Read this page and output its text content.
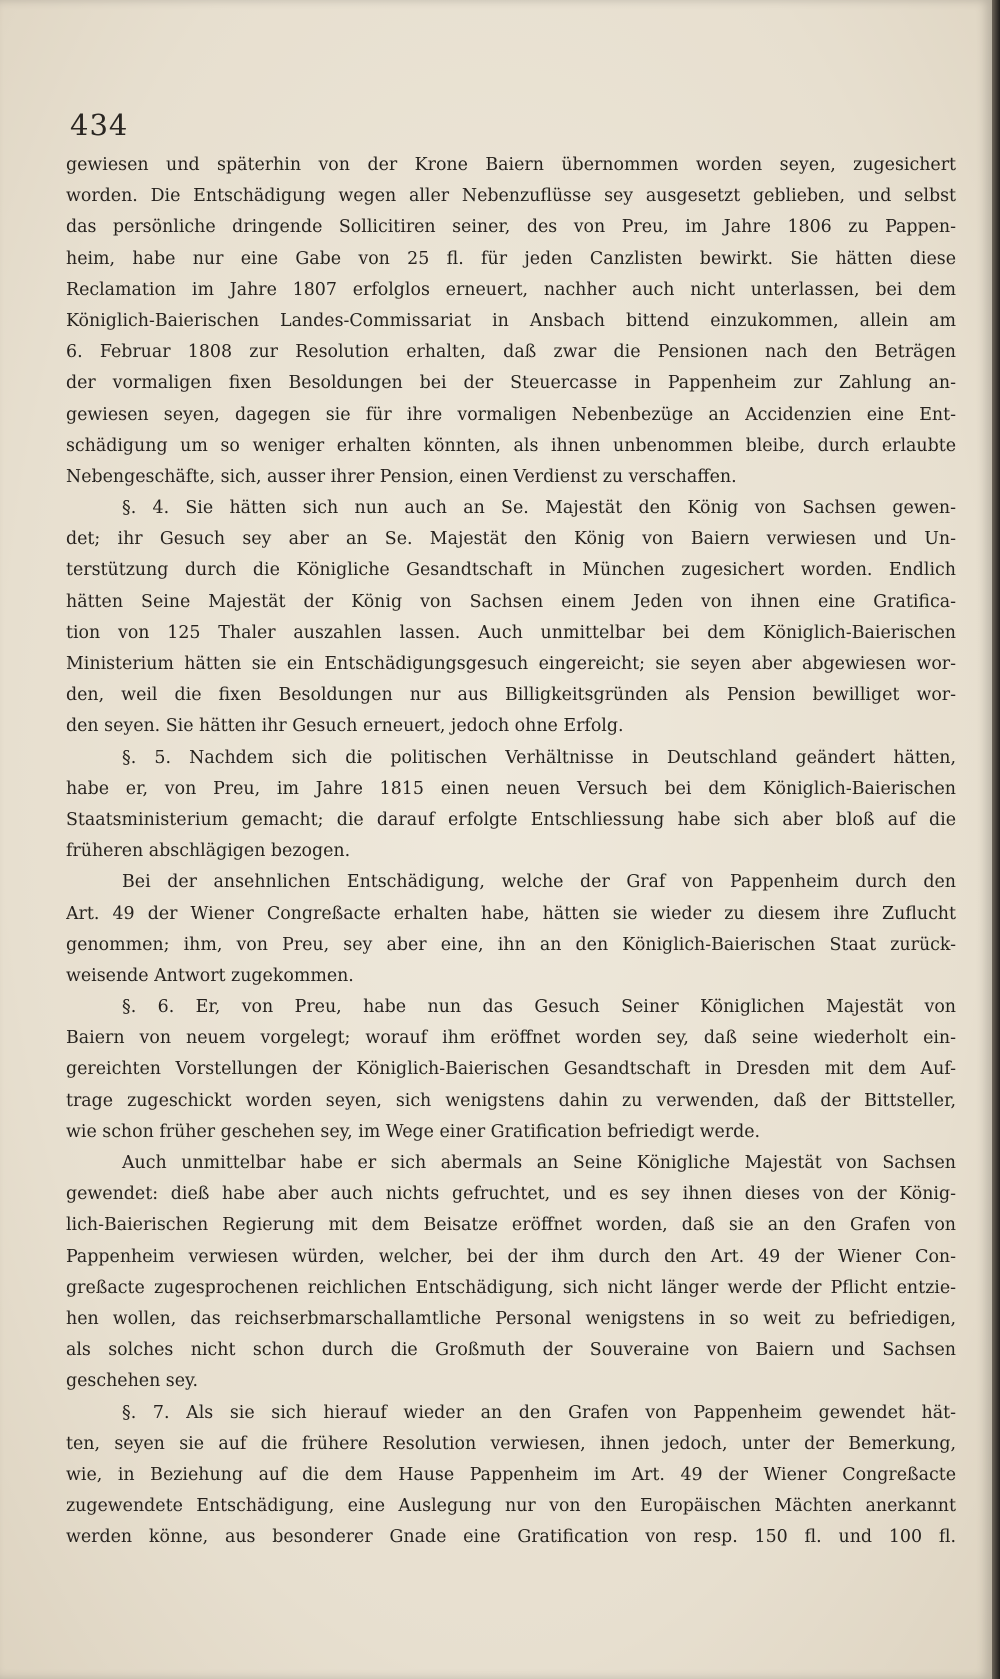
434
gewiesen und späterhin von der Krone Baiern übernommen worden seyen, zugesichert
worden. Die Entschädigung wegen aller Nebenzuflüsse sey ausgesetzt geblieben, und selbst
das persönliche dringende Sollicitiren seiner, des von Preu, im Jahre 1806 zu Pappen-
heim, habe nur eine Gabe von 25 fl. für jeden Canzlisten bewirkt. Sie hätten diese
Reclamation im Jahre 1807 erfolglos erneuert, nachher auch nicht unterlassen, bei dem
Königlich-Baierischen Landes-Commissariat in Ansbach bittend einzukommen, allein am
6. Februar 1808 zur Resolution erhalten, daß zwar die Pensionen nach den Beträgen
der vormaligen fixen Besoldungen bei der Steuercasse in Pappenheim zur Zahlung an-
gewiesen seyen, dagegen sie für ihre vormaligen Nebenbezüge an Accidenzien eine Ent-
schädigung um so weniger erhalten könnten, als ihnen unbenommen bleibe, durch erlaubte
Nebengeschäfte, sich, ausser ihrer Pension, einen Verdienst zu verschaffen.
§. 4. Sie hätten sich nun auch an Se. Majestät den König von Sachsen gewen-
det; ihr Gesuch sey aber an Se. Majestät den König von Baiern verwiesen und Un-
terstützung durch die Königliche Gesandtschaft in München zugesichert worden. Endlich
hätten Seine Majestät der König von Sachsen einem Jeden von ihnen eine Gratifica-
tion von 125 Thaler auszahlen lassen. Auch unmittelbar bei dem Königlich-Baierischen
Ministerium hätten sie ein Entschädigungsgesuch eingereicht; sie seyen aber abgewiesen wor-
den, weil die fixen Besoldungen nur aus Billigkeitsgründen als Pension bewilliget wor-
den seyen. Sie hätten ihr Gesuch erneuert, jedoch ohne Erfolg.
§. 5. Nachdem sich die politischen Verhältnisse in Deutschland geändert hätten,
habe er, von Preu, im Jahre 1815 einen neuen Versuch bei dem Königlich-Baierischen
Staatsministerium gemacht; die darauf erfolgte Entschliessung habe sich aber bloß auf die
früheren abschlägigen bezogen.
Bei der ansehnlichen Entschädigung, welche der Graf von Pappenheim durch den
Art. 49 der Wiener Congreßacte erhalten habe, hätten sie wieder zu diesem ihre Zuflucht
genommen; ihm, von Preu, sey aber eine, ihn an den Königlich-Baierischen Staat zurück-
weisende Antwort zugekommen.
§. 6. Er, von Preu, habe nun das Gesuch Seiner Königlichen Majestät von
Baiern von neuem vorgelegt; worauf ihm eröffnet worden sey, daß seine wiederholt ein-
gereichten Vorstellungen der Königlich-Baierischen Gesandtschaft in Dresden mit dem Auf-
trage zugeschickt worden seyen, sich wenigstens dahin zu verwenden, daß der Bittsteller,
wie schon früher geschehen sey, im Wege einer Gratification befriedigt werde.
Auch unmittelbar habe er sich abermals an Seine Königliche Majestät von Sachsen
gewendet: dieß habe aber auch nichts gefruchtet, und es sey ihnen dieses von der König-
lich-Baierischen Regierung mit dem Beisatze eröffnet worden, daß sie an den Grafen von
Pappenheim verwiesen würden, welcher, bei der ihm durch den Art. 49 der Wiener Con-
greßacte zugesprochenen reichlichen Entschädigung, sich nicht länger werde der Pflicht entzie-
hen wollen, das reichserbmarschallamtliche Personal wenigstens in so weit zu befriedigen,
als solches nicht schon durch die Großmuth der Souveraine von Baiern und Sachsen
geschehen sey.
§. 7. Als sie sich hierauf wieder an den Grafen von Pappenheim gewendet hät-
ten, seyen sie auf die frühere Resolution verwiesen, ihnen jedoch, unter der Bemerkung,
wie, in Beziehung auf die dem Hause Pappenheim im Art. 49 der Wiener Congreßacte
zugewendete Entschädigung, eine Auslegung nur von den Europäischen Mächten anerkannt
werden könne, aus besonderer Gnade eine Gratification von resp. 150 fl. und 100 fl.
